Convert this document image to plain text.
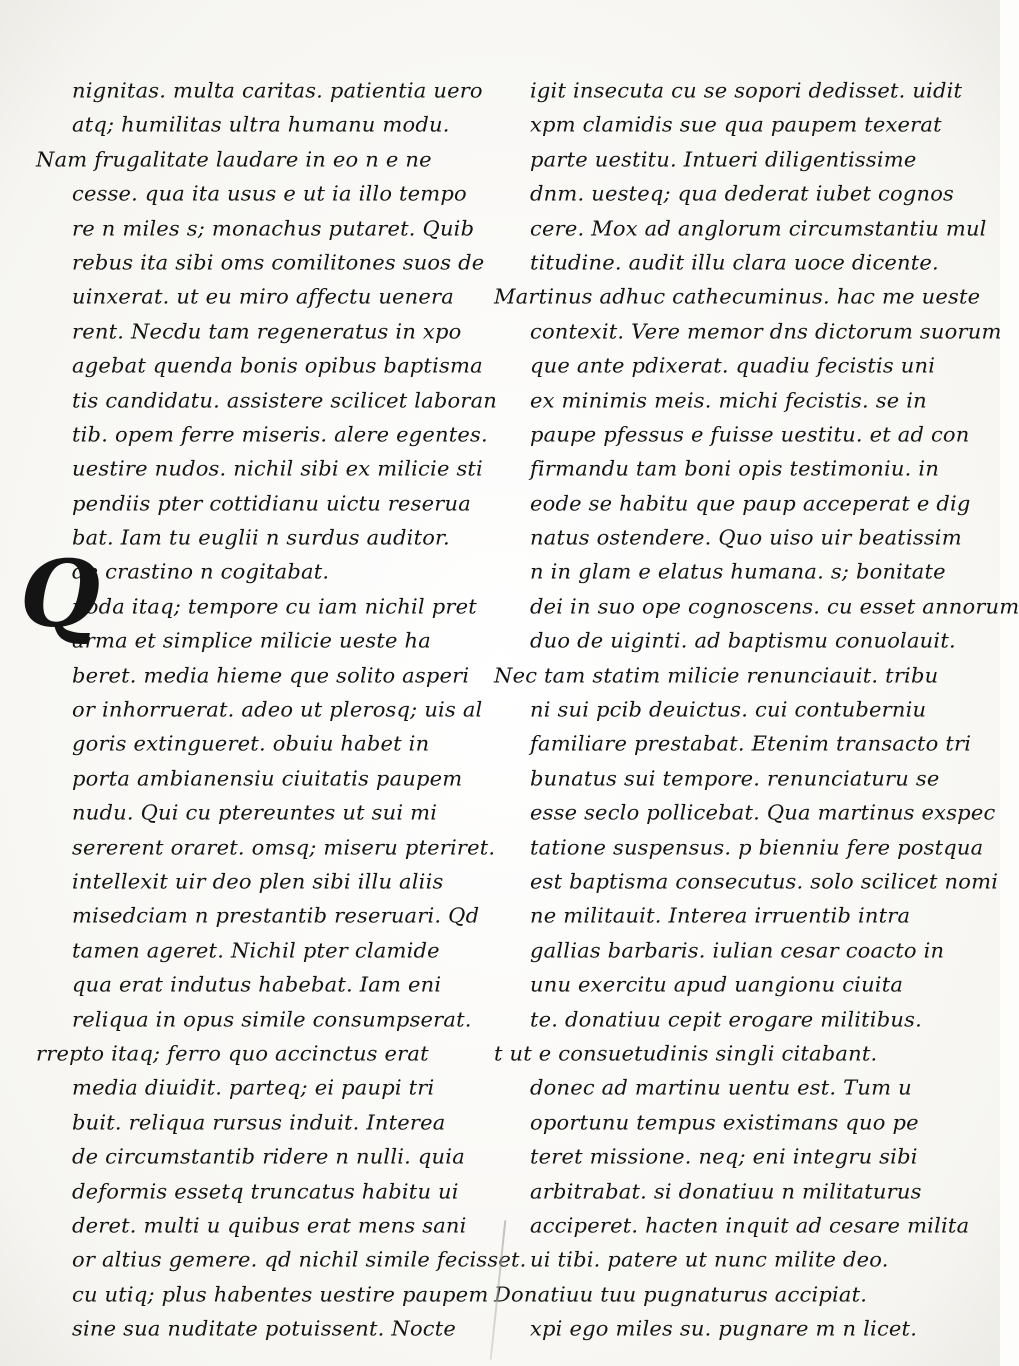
Q
nignitas. multa caritas. patientia uero
atq; humilitas ultra humanu modu.
Nam frugalitate laudare in eo n e ne
cesse. qua ita usus e ut ia illo tempo
re n miles s; monachus putaret. Quib
rebus ita sibi oms comilitones suos de
uinxerat. ut eu miro affectu uenera
rent. Necdu tam regeneratus in xpo
agebat quenda bonis opibus baptisma
tis candidatu. assistere scilicet laboran
tib. opem ferre miseris. alere egentes.
uestire nudos. nichil sibi ex milicie sti
pendiis pter cottidianu uictu reserua
bat. Iam tu euglii n surdus auditor.
de crastino n cogitabat.
uoda itaq; tempore cu iam nichil pret
arma et simplice milicie ueste ha
beret. media hieme que solito asperi
or inhorruerat. adeo ut plerosq; uis al
goris extingueret. obuiu habet in
porta ambianensiu ciuitatis paupem
nudu. Qui cu ptereuntes ut sui mi
sererent oraret. omsq; miseru pteriret.
intellexit uir deo plen sibi illu aliis
misedciam n prestantib reseruari. Qd
tamen ageret. Nichil pter clamide
qua erat indutus habebat. Iam eni
reliqua in opus simile consumpserat.
rrepto itaq; ferro quo accinctus erat
media diuidit. parteq; ei paupi tri
buit. reliqua rursus induit. Interea
de circumstantib ridere n nulli. quia
deformis essetq truncatus habitu ui
deret. multi u quibus erat mens sani
or altius gemere. qd nichil simile fecisset.
cu utiq; plus habentes uestire paupem
sine sua nuditate potuissent. Nocte
igit insecuta cu se sopori dedisset. uidit
xpm clamidis sue qua paupem texerat
parte uestitu. Intueri diligentissime
dnm. uesteq; qua dederat iubet cognos
cere. Mox ad anglorum circumstantiu mul
titudine. audit illu clara uoce dicente.
Martinus adhuc cathecuminus. hac me ueste
contexit. Vere memor dns dictorum suorum
que ante pdixerat. quadiu fecistis uni
ex minimis meis. michi fecistis. se in
paupe pfessus e fuisse uestitu. et ad con
firmandu tam boni opis testimoniu. in
eode se habitu que paup acceperat e dig
natus ostendere. Quo uiso uir beatissim
n in glam e elatus humana. s; bonitate
dei in suo ope cognoscens. cu esset annorum
duo de uiginti. ad baptismu conuolauit.
Nec tam statim milicie renunciauit. tribu
ni sui pcib deuictus. cui contuberniu
familiare prestabat. Etenim transacto tri
bunatus sui tempore. renunciaturu se
esse seclo pollicebat. Qua martinus exspec
tatione suspensus. p bienniu fere postqua
est baptisma consecutus. solo scilicet nomi
ne militauit. Interea irruentib intra
gallias barbaris. iulian cesar coacto in
unu exercitu apud uangionu ciuita
te. donatiuu cepit erogare militibus.
t ut e consuetudinis singli citabant.
donec ad martinu uentu est. Tum u
oportunu tempus existimans quo pe
teret missione. neq; eni integru sibi
arbitrabat. si donatiuu n militaturus
acciperet. hacten inquit ad cesare milita
ui tibi. patere ut nunc milite deo.
Donatiuu tuu pugnaturus accipiat.
xpi ego miles su. pugnare m n licet.
